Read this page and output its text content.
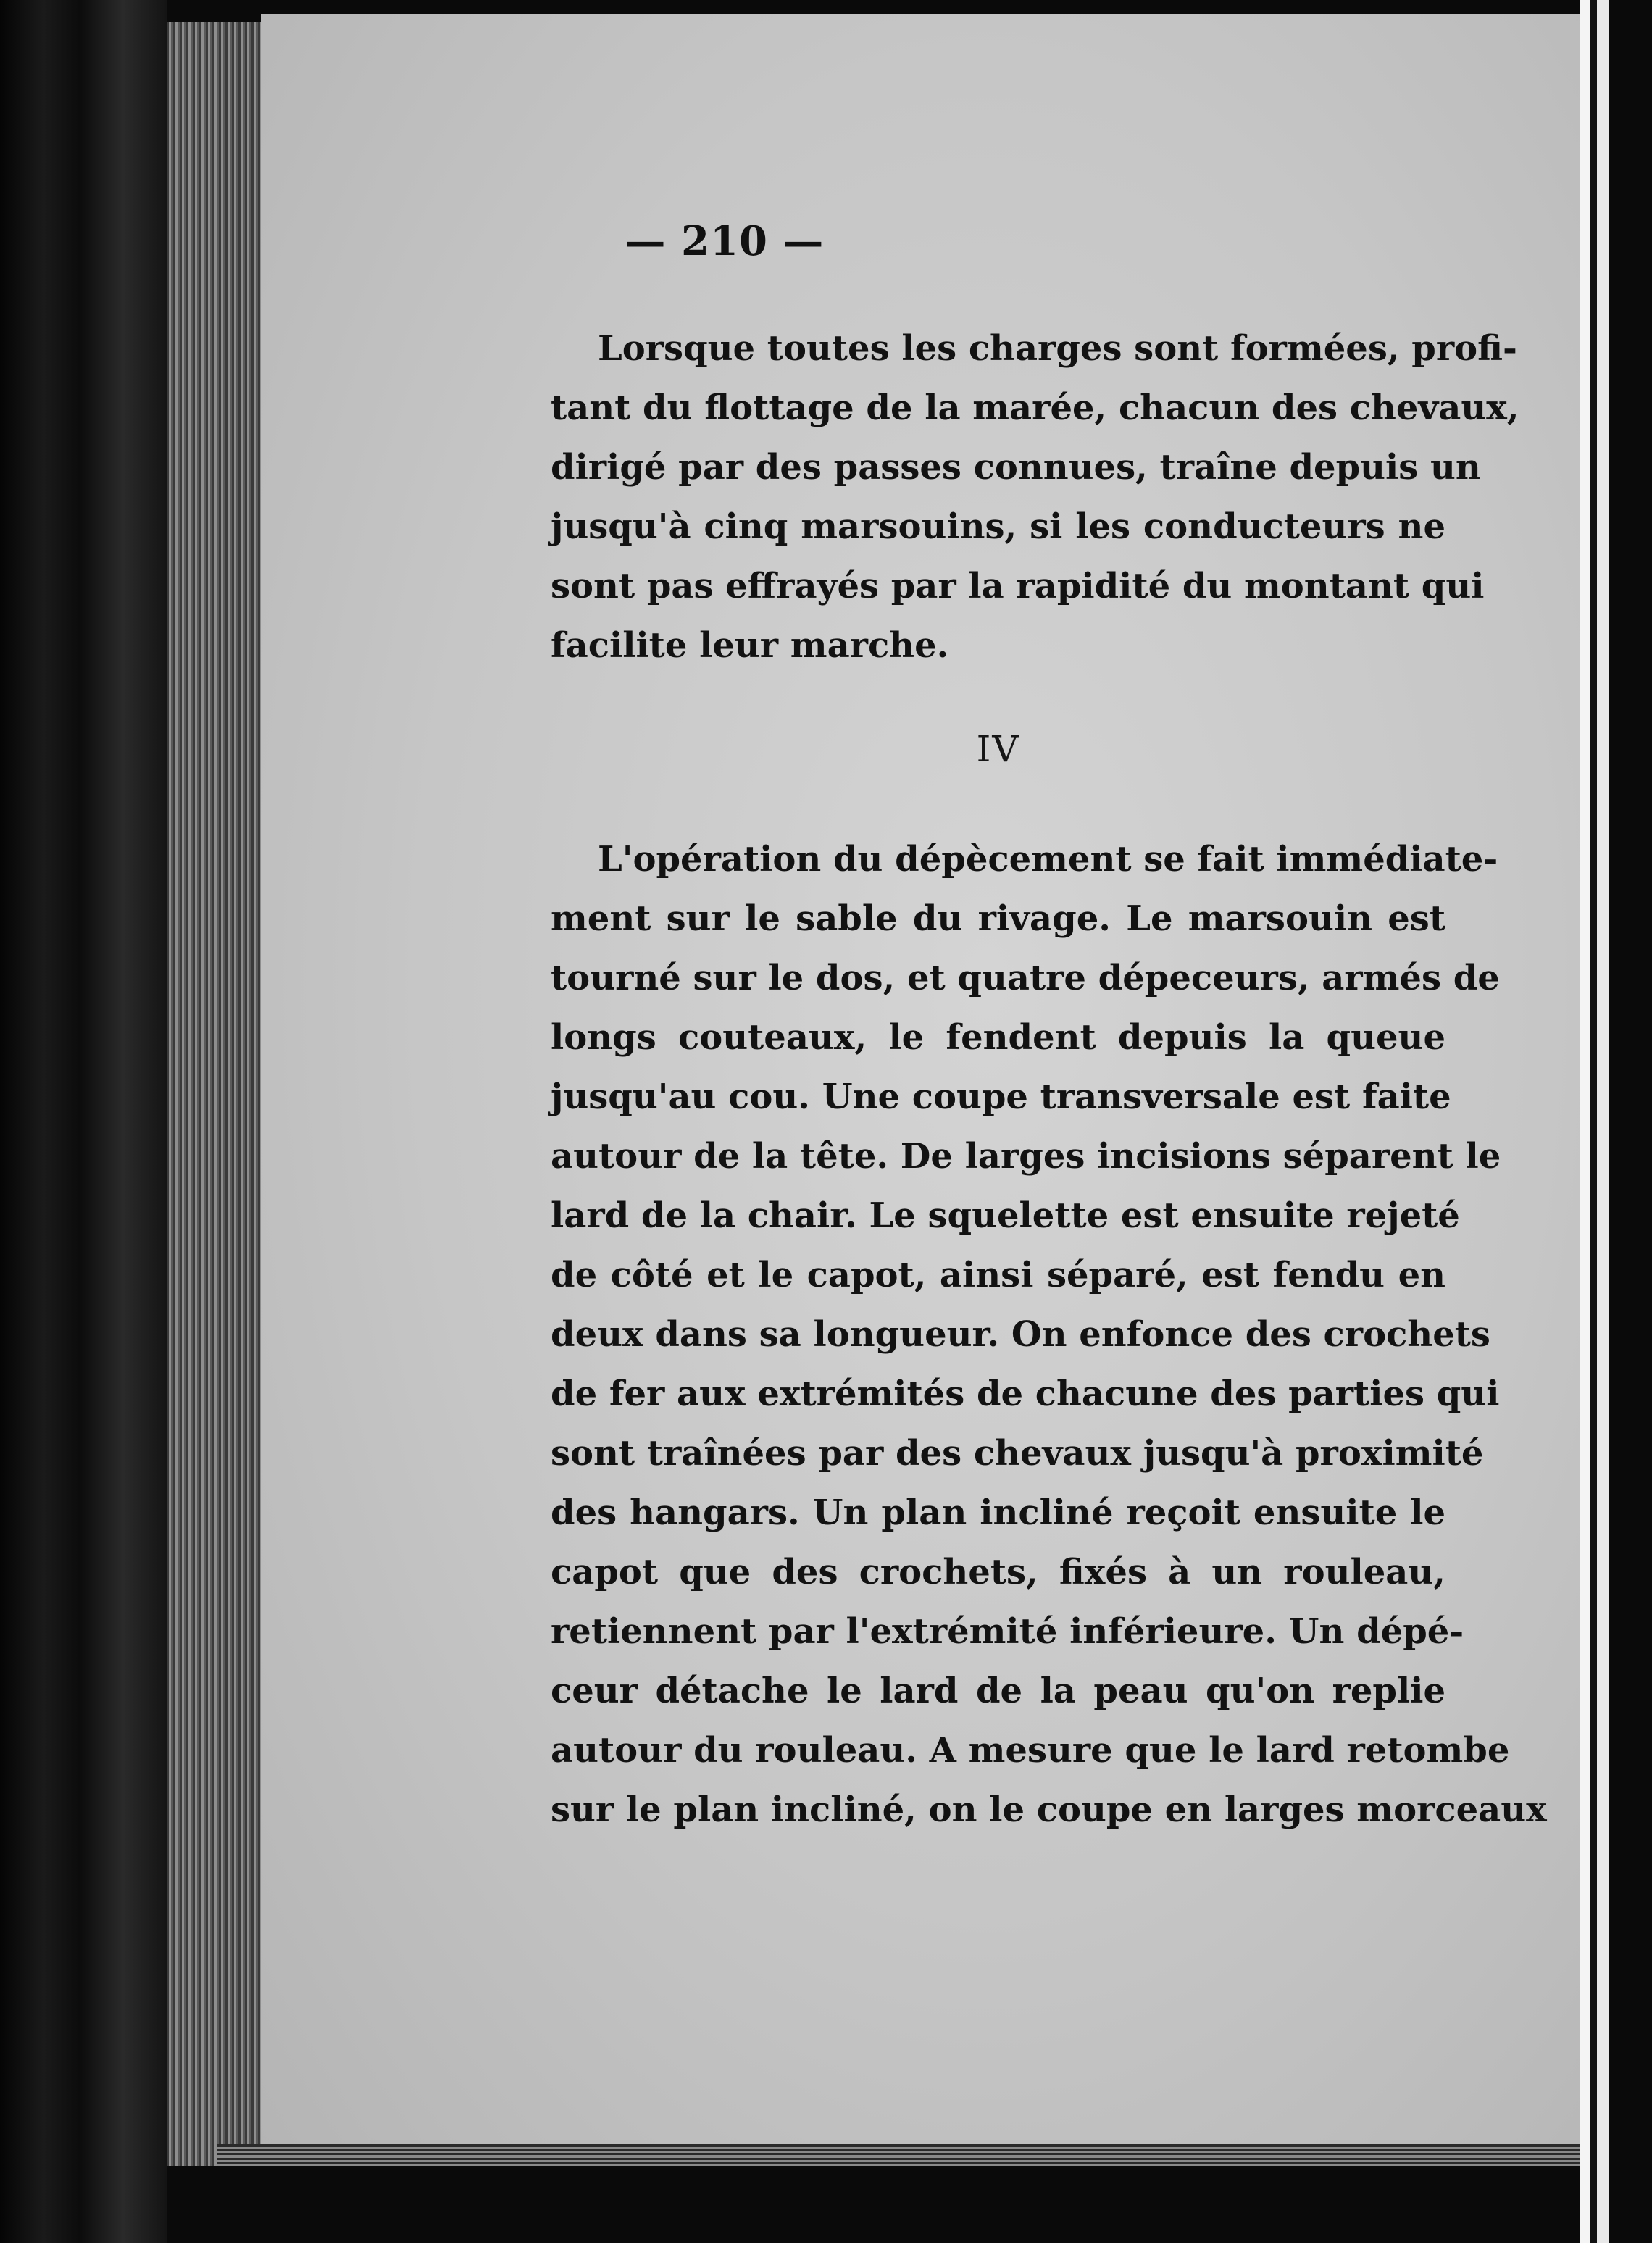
— 210 —
Lorsque toutes les charges sont formées, profi-
tant du flottage de la marée, chacun des chevaux,
dirigé par des passes connues, traîne depuis un
jusqu'à cinq marsouins, si les conducteurs ne
sont pas effrayés par la rapidité du montant qui
facilite leur marche.
IV
L'opération du dépècement se fait immédiate-
ment sur le sable du rivage. Le marsouin est
tourné sur le dos, et quatre dépeceurs, armés de
longs couteaux, le fendent depuis la queue
jusqu'au cou. Une coupe transversale est faite
autour de la tête. De larges incisions séparent le
lard de la chair. Le squelette est ensuite rejeté
de côté et le capot, ainsi séparé, est fendu en
deux dans sa longueur. On enfonce des crochets
de fer aux extrémités de chacune des parties qui
sont traînées par des chevaux jusqu'à proximité
des hangars. Un plan incliné reçoit ensuite le
capot que des crochets, fixés à un rouleau,
retiennent par l'extrémité inférieure. Un dépé-
ceur détache le lard de la peau qu'on replie
autour du rouleau. A mesure que le lard retombe
sur le plan incliné, on le coupe en larges morceaux
